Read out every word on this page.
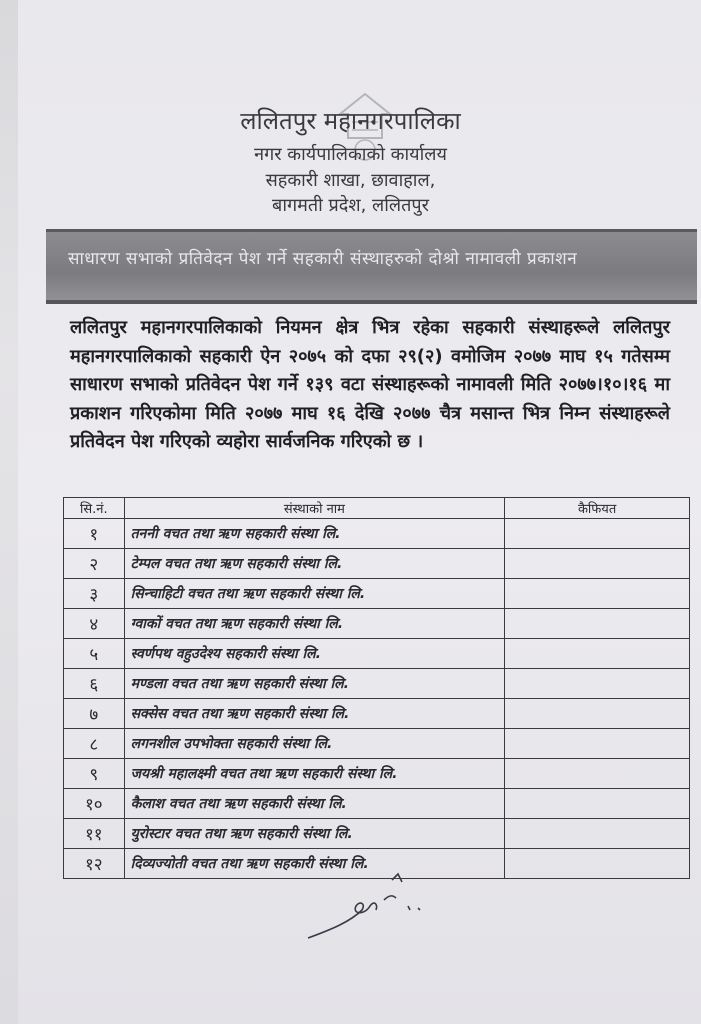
ललितपुर महानगरपालिका
नगर कार्यपालिकाको कार्यालय
सहकारी शाखा, छावाहाल,
बागमती प्रदेश, ललितपुर
साधारण सभाको प्रतिवेदन पेश गर्ने सहकारी संस्थाहरुको दोश्रो नामावली प्रकाशन
ललितपुर महानगरपालिकाको नियमन क्षेत्र भित्र रहेका सहकारी संस्थाहरूले ललितपुर महानगरपालिकाको सहकारी ऐन २०७५ को दफा २९(२) वमोजिम २०७७ माघ १५ गतेसम्म साधारण सभाको प्रतिवेदन पेश गर्ने १३९ वटा संस्थाहरूको नामावली मिति २०७७।१०।१६ मा प्रकाशन गरिएकोमा मिति २०७७ माघ १६ देखि २०७७ चैत्र मसान्त भित्र निम्न संस्थाहरूले प्रतिवेदन पेश गरिएको व्यहोरा सार्वजनिक गरिएको छ ।
सि.नं.	संस्थाको नाम	कैफियत
१	तननी वचत तथा ऋण सहकारी संस्था लि.	
२	टेम्पल वचत तथा ऋण सहकारी संस्था लि.	
३	सिन्चाहिटी वचत तथा ऋण सहकारी संस्था लि.	
४	ग्वाकों वचत तथा ऋण सहकारी संस्था लि.	
५	स्वर्णपथ वहुउदेश्य सहकारी संस्था लि.	
६	मण्डला वचत तथा ऋण सहकारी संस्था लि.	
७	सक्सेस वचत तथा ऋण सहकारी संस्था लि.	
८	लगनशील उपभोक्ता सहकारी संस्था लि.	
९	जयश्री महालक्ष्मी वचत तथा ऋण सहकारी संस्था लि.	
१०	कैलाश वचत तथा ऋण सहकारी संस्था लि.	
११	युरोस्टार वचत तथा ऋण सहकारी संस्था लि.	
१२	दिव्यज्योती वचत तथा ऋण सहकारी संस्था लि.	
